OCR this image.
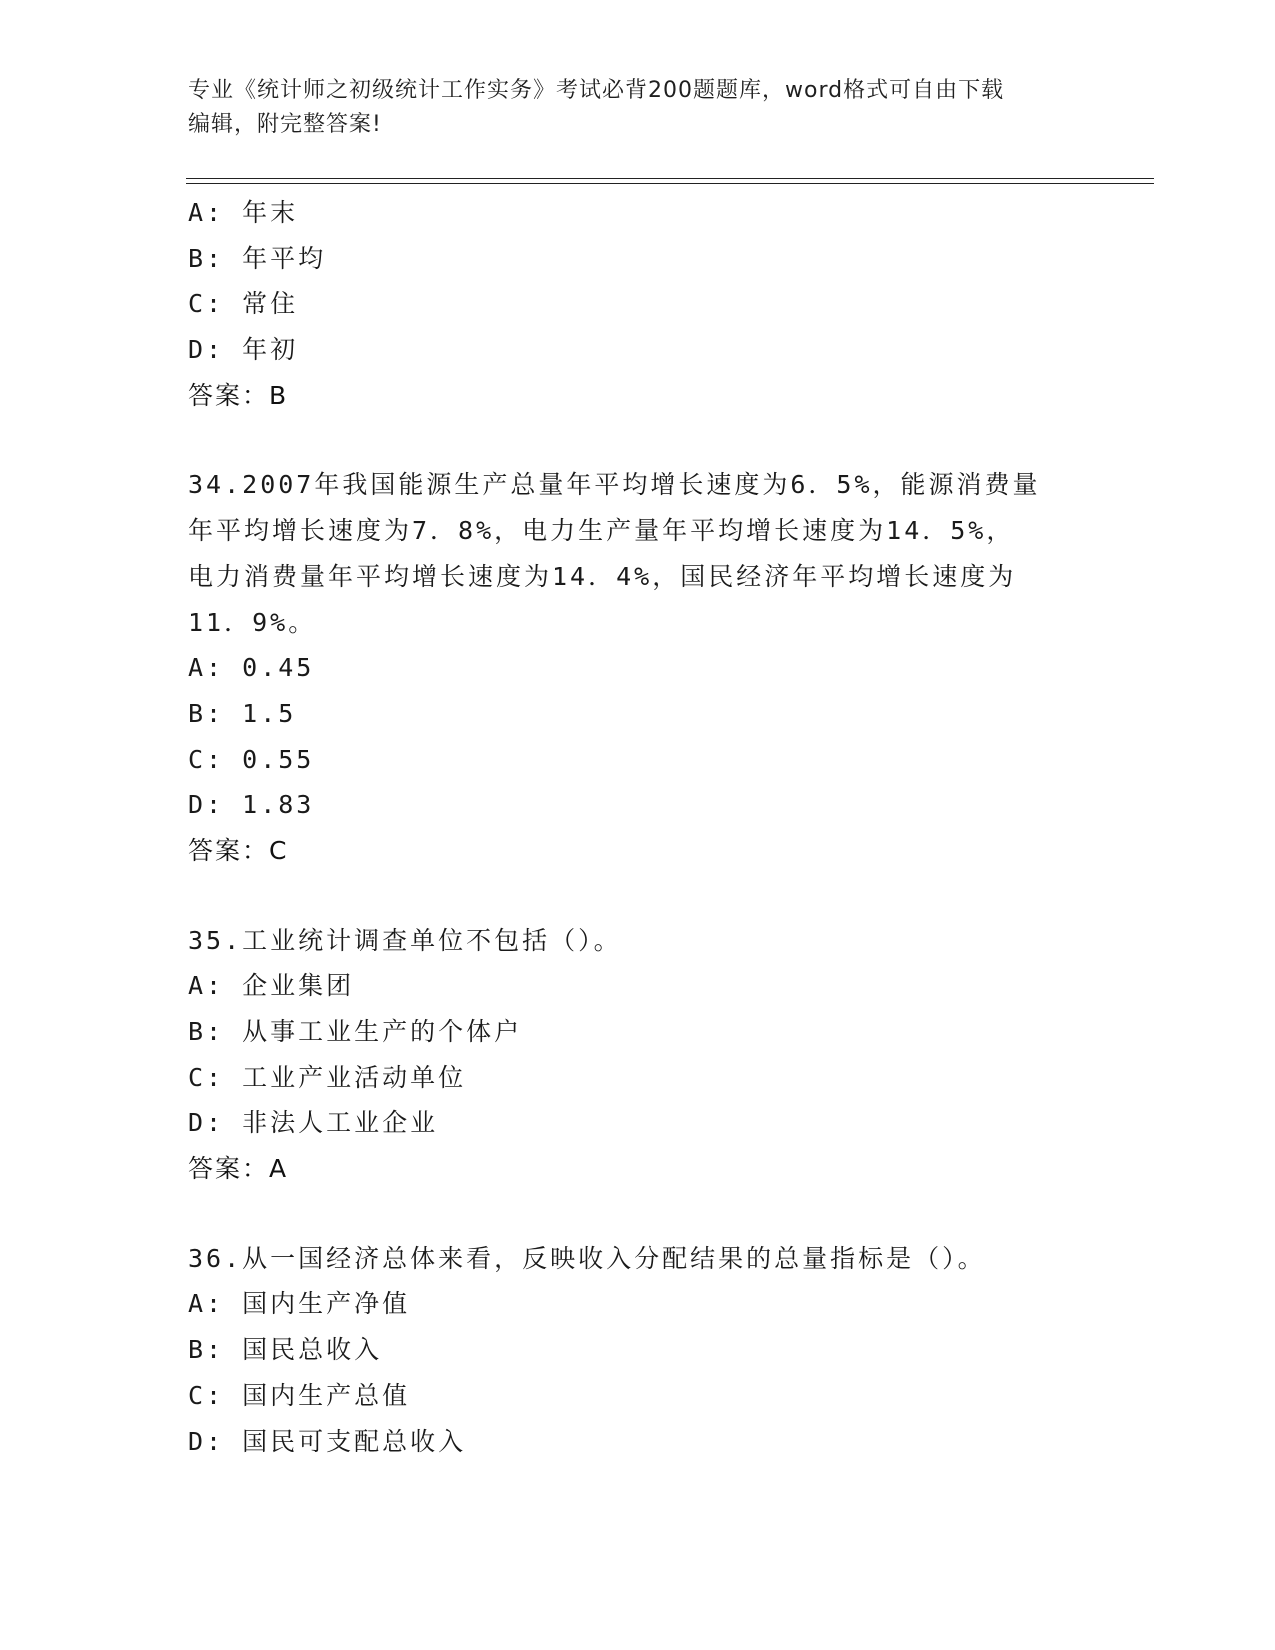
专业《统计师之初级统计工作实务》考试必背200题题库，word格式可自由下载
编辑，附完整答案!
A: 年末
B: 年平均
C: 常住
D: 年初
答案：B
34.2007年我国能源生产总量年平均增长速度为6．5%，能源消费量
年平均增长速度为7．8%，电力生产量年平均增长速度为14．5%，
电力消费量年平均增长速度为14．4%，国民经济年平均增长速度为
11．9%。
A: 0.45
B: 1.5
C: 0.55
D: 1.83
答案：C
35.工业统计调查单位不包括（）。
A: 企业集团
B: 从事工业生产的个体户
C: 工业产业活动单位
D: 非法人工业企业
答案：A
36.从一国经济总体来看，反映收入分配结果的总量指标是（）。
A: 国内生产净值
B: 国民总收入
C: 国内生产总值
D: 国民可支配总收入
